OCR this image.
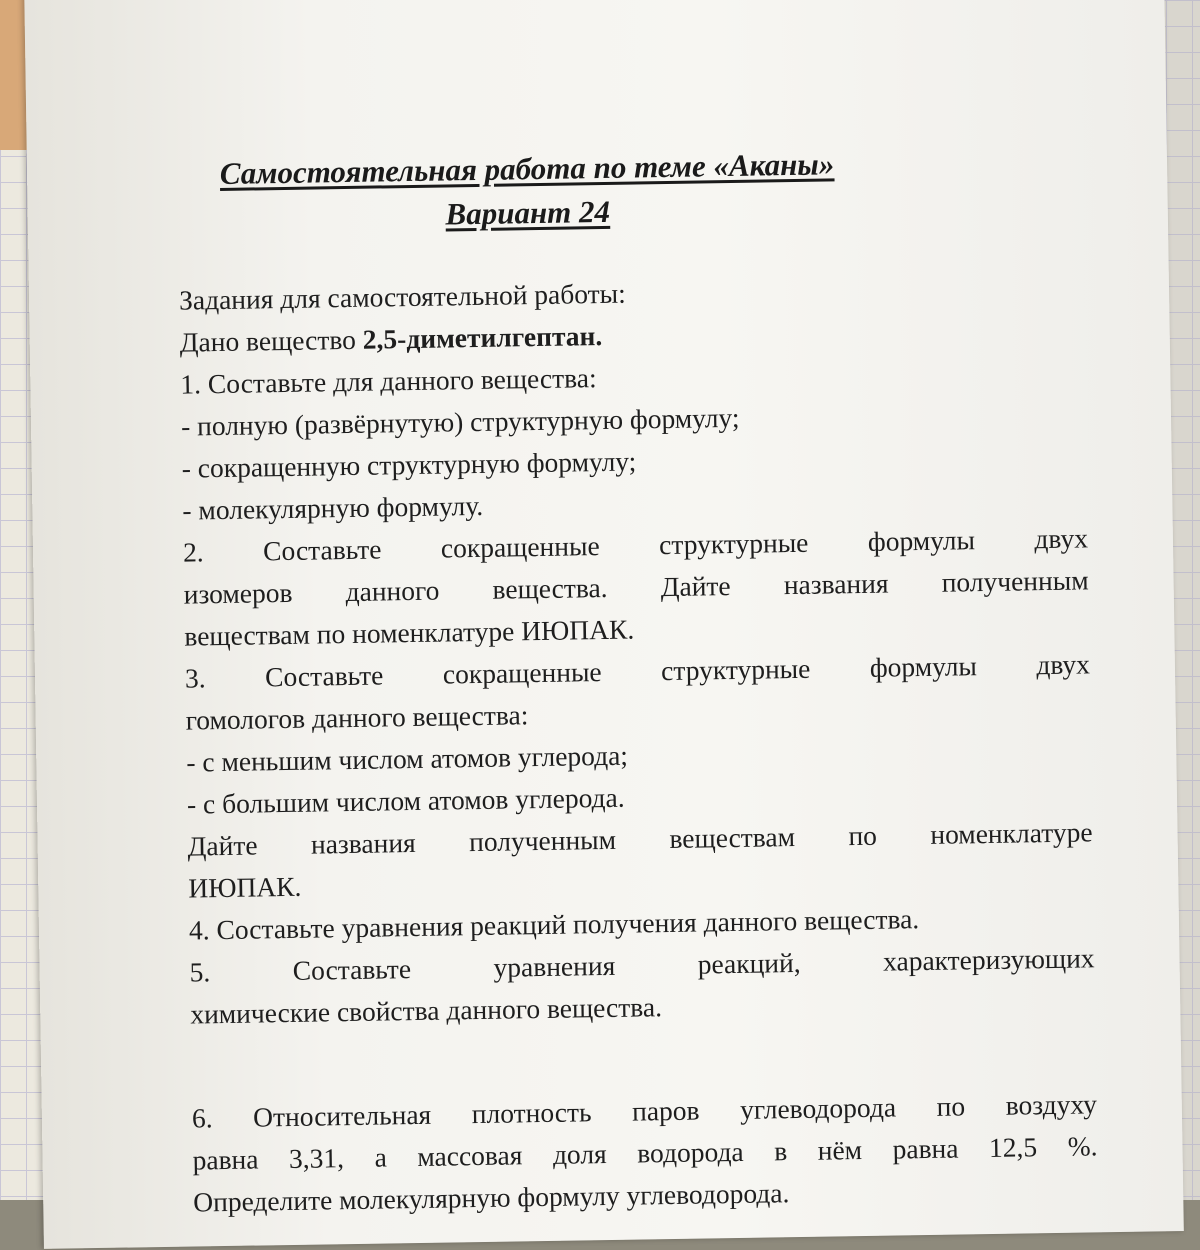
Самостоятельная работа по теме «Аканы»
Вариант 24
Задания для самостоятельной работы:
Дано вещество 2,5-диметилгептан.
1. Составьте для данного вещества:
- полную (развёрнутую) структурную формулу;
- сокращенную структурную формулу;
- молекулярную формулу.
2. Составьте сокращенные структурные формулы двух
изомеров данного вещества. Дайте названия полученным
веществам по номенклатуре ИЮПАК.
3. Составьте сокращенные структурные формулы двух
гомологов данного вещества:
- с меньшим числом атомов углерода;
- с большим числом атомов углерода.
Дайте названия полученным веществам по номенклатуре
ИЮПАК.
4. Составьте уравнения реакций получения данного вещества.
5. Составьте уравнения реакций, характеризующих
химические свойства данного вещества.
6. Относительная плотность паров углеводорода по воздуху
равна 3,31, а массовая доля водорода в нём равна 12,5 %.
Определите молекулярную формулу углеводорода.
